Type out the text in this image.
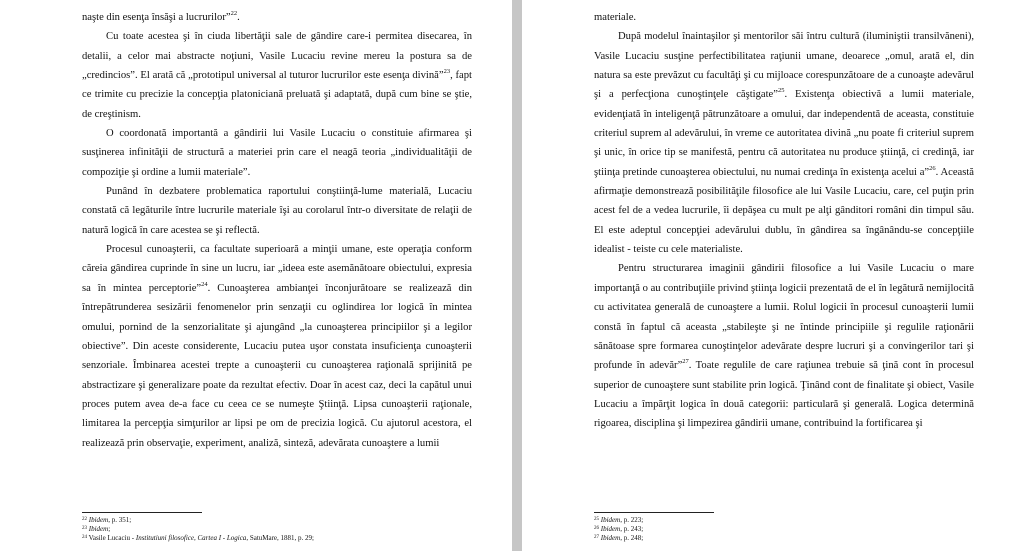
naşte din esenţa însăşi a lucrurilor”$^{22}$.

Cu toate acestea şi în ciuda libertăţii sale de gândire care-i permitea disecarea, în detalii, a celor mai abstracte noţiuni, Vasile Lucaciu revine mereu la postura sa de „credincios”. El arată că „prototipul universal al tuturor lucrurilor este esenţa divină”$^{23}$, fapt ce trimite cu precizie la concepţia platoniciană preluată şi adaptată, după cum bine se ştie, de creştinism.

O coordonată importantă a gândirii lui Vasile Lucaciu o constituie afirmarea şi susţinerea infinităţii de structură a materiei prin care el neagă teoria „individualităţii de compoziţie şi ordine a lumii materiale”.

Punând în dezbatere problematica raportului conştiinţă-lume materială, Lucaciu constată că legăturile între lucrurile materiale îşi au corolarul într-o diversitate de relaţii de natură logică în care acestea se şi reflectă.

Procesul cunoaşterii, ca facultate superioară a minţii umane, este operaţia conform căreia gândirea cuprinde în sine un lucru, iar „ideea este asemănătoare obiectului, expresia sa în mintea perceptorie”$^{24}$. Cunoaşterea ambianţei înconjurătoare se realizează din întrepătrunderea sesizării fenomenelor prin senzaţii cu oglindirea lor logică în mintea omului, pornind de la senzorialitate şi ajungând „la cunoaşterea principiilor şi a legilor obiective”. Din aceste considerente, Lucaciu putea uşor constata insuficienţa cunoaşterii senzoriale. Îmbinarea acestei trepte a cunoaşterii cu cunoaşterea raţională sprijinită pe abstractizare şi generalizare poate da rezultat efectiv. Doar în acest caz, deci la capătul unui proces putem avea de-a face cu ceea ce se numeşte Ştiinţă. Lipsa cunoaşterii raţionale, limitarea la percepţia simţurilor ar lipsi pe om de precizia logică. Cu ajutorul acestora, el realizează prin observaţie, experiment, analiză, sinteză, adevărata cunoaştere a lumii

$^{22}$ Ibidem, p. 351;

$^{23}$ Ibidem;

$^{24}$ Vasile Lucaciu - Institutiuni filosofice, Cartea I - Logica, SatuMare, 1881, p. 29;

materiale.

După modelul înaintaşilor şi mentorilor săi întru cultură (iluminiştii transilvăneni), Vasile Lucaciu susţine perfectibilitatea raţiunii umane, deoarece „omul, arată el, din natura sa este prevăzut cu facultăţi şi cu mijloace corespunzătoare de a cunoaşte adevărul şi a perfecţiona cunoştinţele căştigate”$^{25}$. Existenţa obiectivă a lumii materiale, evidenţiată în inteligenţă pătrunzătoare a omului, dar independentă de aceasta, constituie criteriul suprem al adevărului, în vreme ce autoritatea divină „nu poate fi criteriul suprem şi unic, în orice tip se manifestă, pentru că autoritatea nu produce ştiinţă, ci credinţă, iar ştiinţa pretinde cunoaşterea obiectului, nu numai credinţa în existenţa acelui a”$^{26}$. Această afirmaţie demonstrează posibilităţile filosofice ale lui Vasile Lucaciu, care, cel puţin prin acest fel de a vedea lucrurile, îi depăşea cu mult pe alţi gânditori români din timpul său. El este adeptul concepţiei adevărului dublu, în gândirea sa îngânându-se concepţiile idealist - teiste cu cele materialiste.

Pentru structurarea imaginii gândirii filosofice a lui Vasile Lucaciu o mare importanţă o au contribuţiile privind ştiinţa logicii prezentată de el în legătură nemijlocită cu activitatea generală de cunoaştere a lumii. Rolul logicii în procesul cunoaşterii lumii constă în faptul că aceasta „stabileşte şi ne întinde principiile şi regulile raţionării sănătoase spre formarea cunoştinţelor adevărate despre lucruri şi a convingerilor tari şi profunde în adevăr”$^{27}$. Toate regulile de care raţiunea trebuie să ţină cont în procesul superior de cunoaştere sunt stabilite prin logică. Ţinând cont de finalitate şi obiect, Vasile Lucaciu a împărţit logica în două categorii: particulară şi generală. Logica determină rigoarea, disciplina şi limpezirea gândirii umane, contribuind la fortificarea şi

$^{25}$ Ibidem, p. 223;

$^{26}$ Ibidem, p. 243;

$^{27}$ Ibidem, p. 248;
